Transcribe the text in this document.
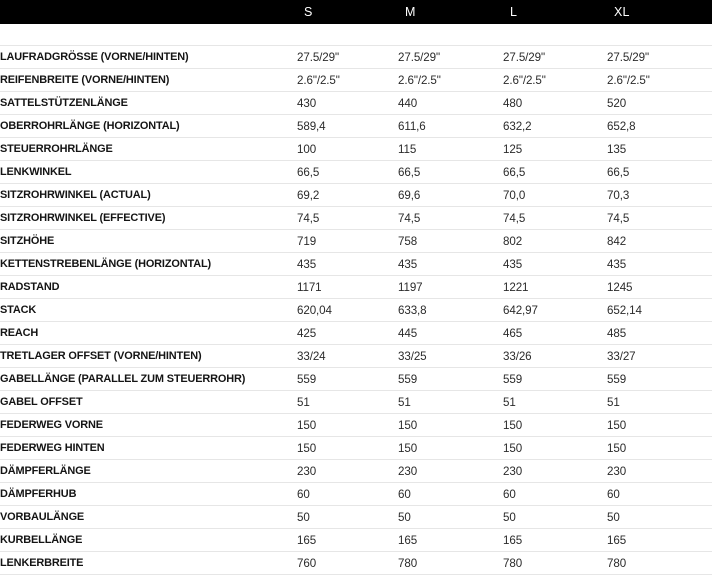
	S	M	L	XL

LAUFRADGRÖSSE (VORNE/HINTEN)	27.5/29"	27.5/29"	27.5/29"	27.5/29"
REIFENBREITE (VORNE/HINTEN)	2.6"/2.5"	2.6"/2.5"	2.6"/2.5"	2.6"/2.5"
SATTELSTÜTZENLÄNGE	430	440	480	520
OBERROHRLÄNGE (HORIZONTAL)	589,4	611,6	632,2	652,8
STEUERROHRLÄNGE	100	115	125	135
LENKWINKEL	66,5	66,5	66,5	66,5
SITZROHRWINKEL (ACTUAL)	69,2	69,6	70,0	70,3
SITZROHRWINKEL (EFFECTIVE)	74,5	74,5	74,5	74,5
SITZHÖHE	719	758	802	842
KETTENSTREBENLÄNGE (HORIZONTAL)	435	435	435	435
RADSTAND	1171	1197	1221	1245
STACK	620,04	633,8	642,97	652,14
REACH	425	445	465	485
TRETLAGER OFFSET (VORNE/HINTEN)	33/24	33/25	33/26	33/27
GABELLÄNGE (PARALLEL ZUM STEUERROHR)	559	559	559	559
GABEL OFFSET	51	51	51	51
FEDERWEG VORNE	150	150	150	150
FEDERWEG HINTEN	150	150	150	150
DÄMPFERLÄNGE	230	230	230	230
DÄMPFERHUB	60	60	60	60
VORBAULÄNGE	50	50	50	50
KURBELLÄNGE	165	165	165	165
LENKERBREITE	760	780	780	780
